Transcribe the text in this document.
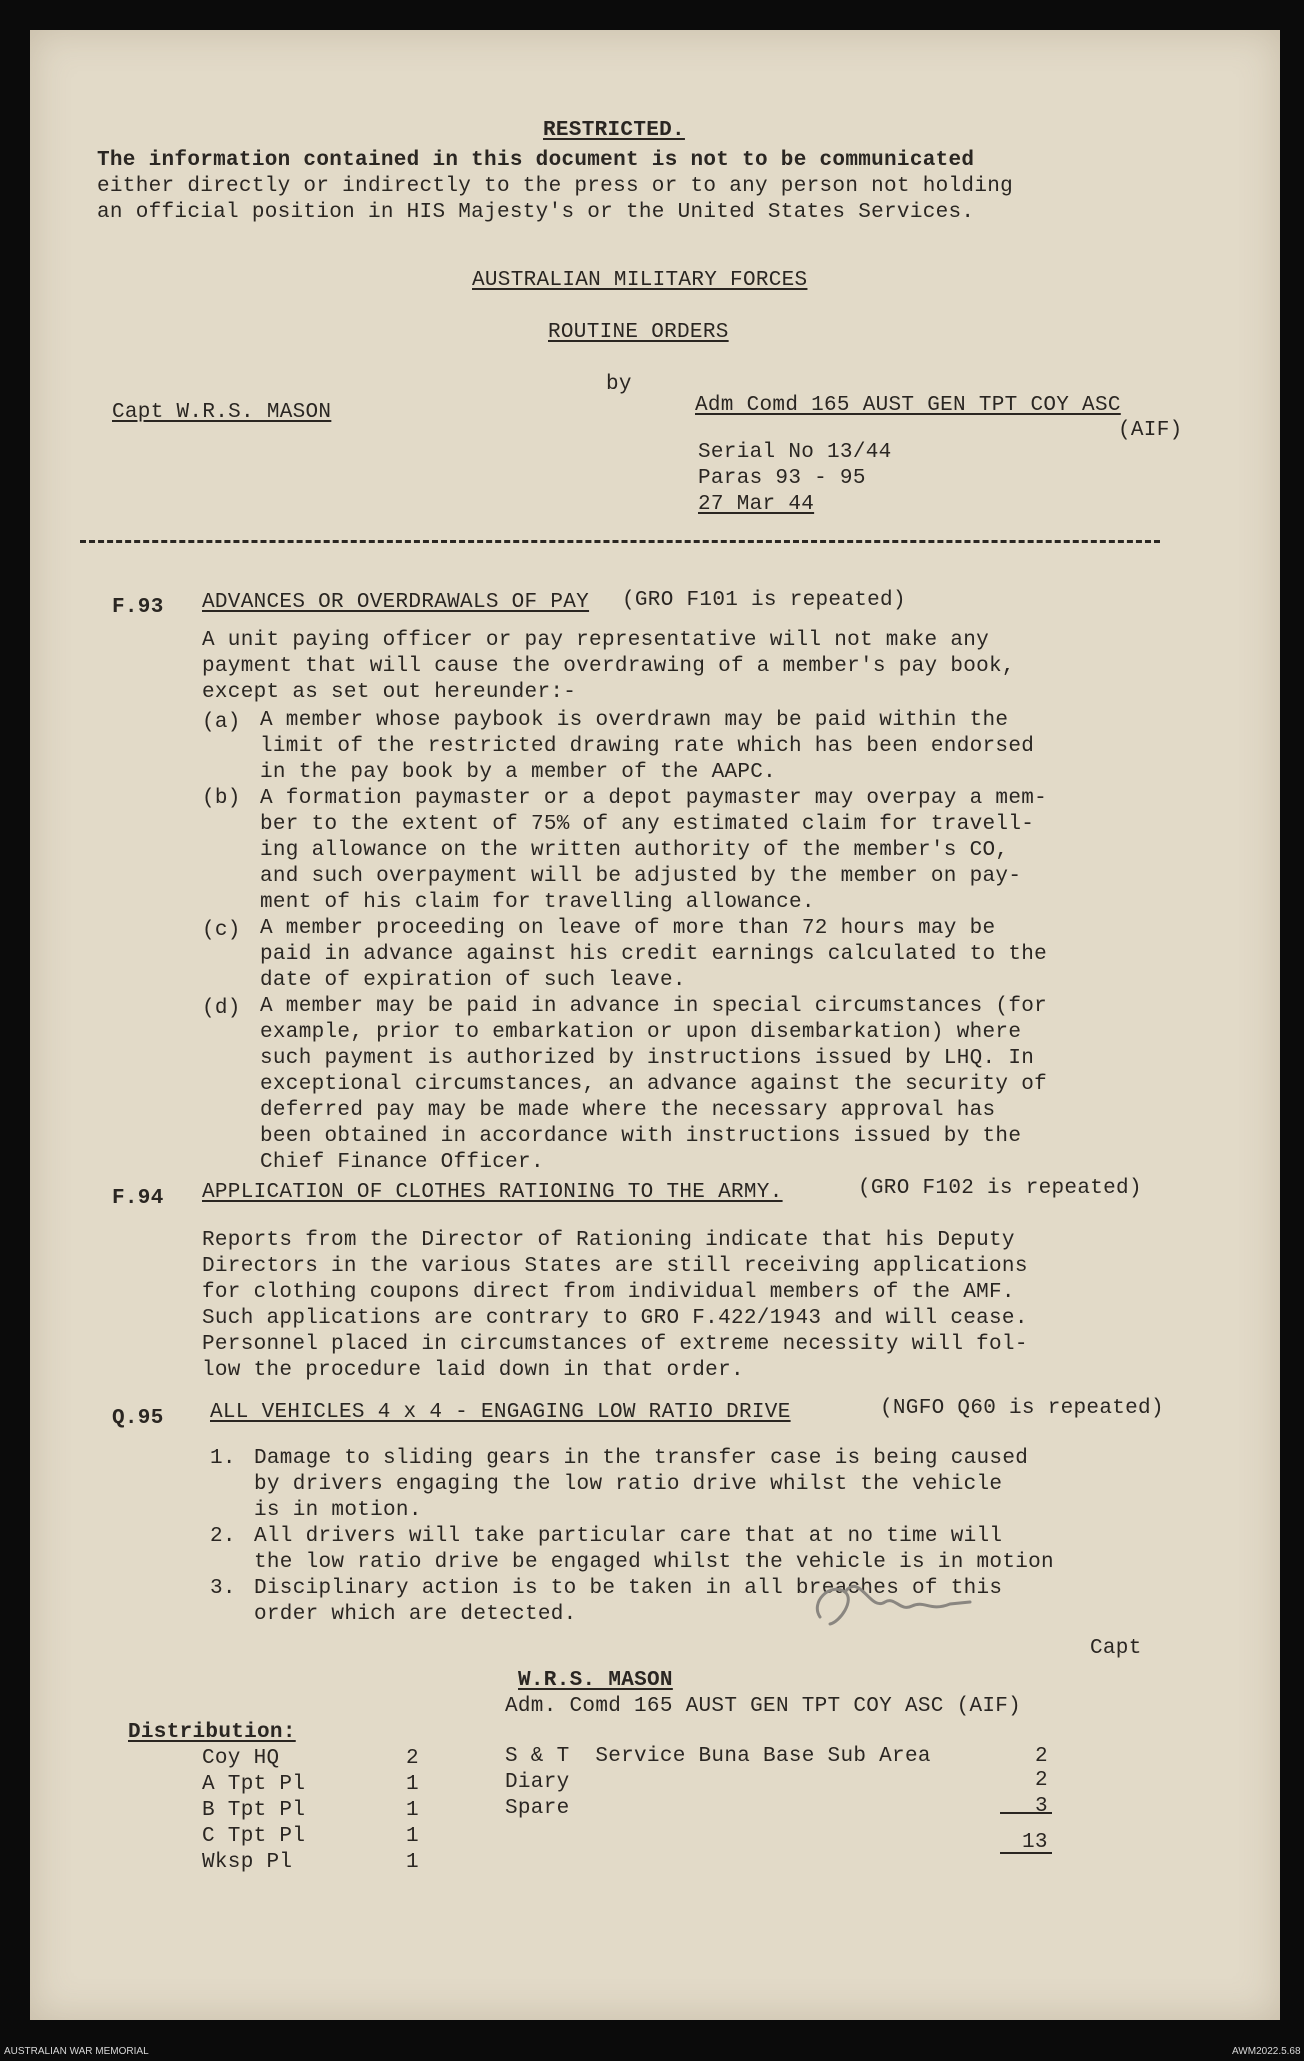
RESTRICTED.
The information contained in this document is not to be communicated
either directly or indirectly to the press or to any person not holding
an official position in HIS Majesty's or the United States Services.
AUSTRALIAN MILITARY FORCES
ROUTINE ORDERS
by
Capt W.R.S. MASON	Adm Comd 165 AUST GEN TPT COY ASC
(AIF)
Serial No 13/44
Paras 93 - 95
27 Mar 44
F.93 ADVANCES OR OVERDRAWALS OF PAY (GRO F101 is repeated)
A unit paying officer or pay representative will not make any
payment that will cause the overdrawing of a member's pay book,
except as set out hereunder:-
(a) A member whose paybook is overdrawn may be paid within the
limit of the restricted drawing rate which has been endorsed
in the pay book by a member of the AAPC.
(b) A formation paymaster or a depot paymaster may overpay a mem-
ber to the extent of 75% of any estimated claim for travell-
ing allowance on the written authority of the member's CO,
and such overpayment will be adjusted by the member on pay-
ment of his claim for travelling allowance.
(c) A member proceeding on leave of more than 72 hours may be
paid in advance against his credit earnings calculated to the
date of expiration of such leave.
(d) A member may be paid in advance in special circumstances (for
example, prior to embarkation or upon disembarkation) where
such payment is authorized by instructions issued by LHQ. In
exceptional circumstances, an advance against the security of
deferred pay may be made where the necessary approval has
been obtained in accordance with instructions issued by the
Chief Finance Officer.
F.94 APPLICATION OF CLOTHES RATIONING TO THE ARMY.	(GRO F102 is repeated)
Reports from the Director of Rationing indicate that his Deputy
Directors in the various States are still receiving applications
for clothing coupons direct from individual members of the AMF.
Such applications are contrary to GRO F.422/1943 and will cease.
Personnel placed in circumstances of extreme necessity will fol-
low the procedure laid down in that order.
Q.95 ALL VEHICLES 4 x 4 - ENGAGING LOW RATIO DRIVE	(NGFO Q60 is repeated)
1. Damage to sliding gears in the transfer case is being caused
by drivers engaging the low ratio drive whilst the vehicle
is in motion.
2. All drivers will take particular care that at no time will
the low ratio drive be engaged whilst the vehicle is in motion
3. Disciplinary action is to be taken in all breaches of this
order which are detected.
Capt
W.R.S. MASON
Adm. Comd 165 AUST GEN TPT COY ASC (AIF)
Distribution:
Coy HQ	2
A Tpt Pl	1
B Tpt Pl	1
C Tpt Pl	1
Wksp Pl	1
S & T  Service Buna Base Sub Area	2
Diary	2
Spare	3
13
AUSTRALIAN WAR MEMORIAL	AWM2022.5.68
